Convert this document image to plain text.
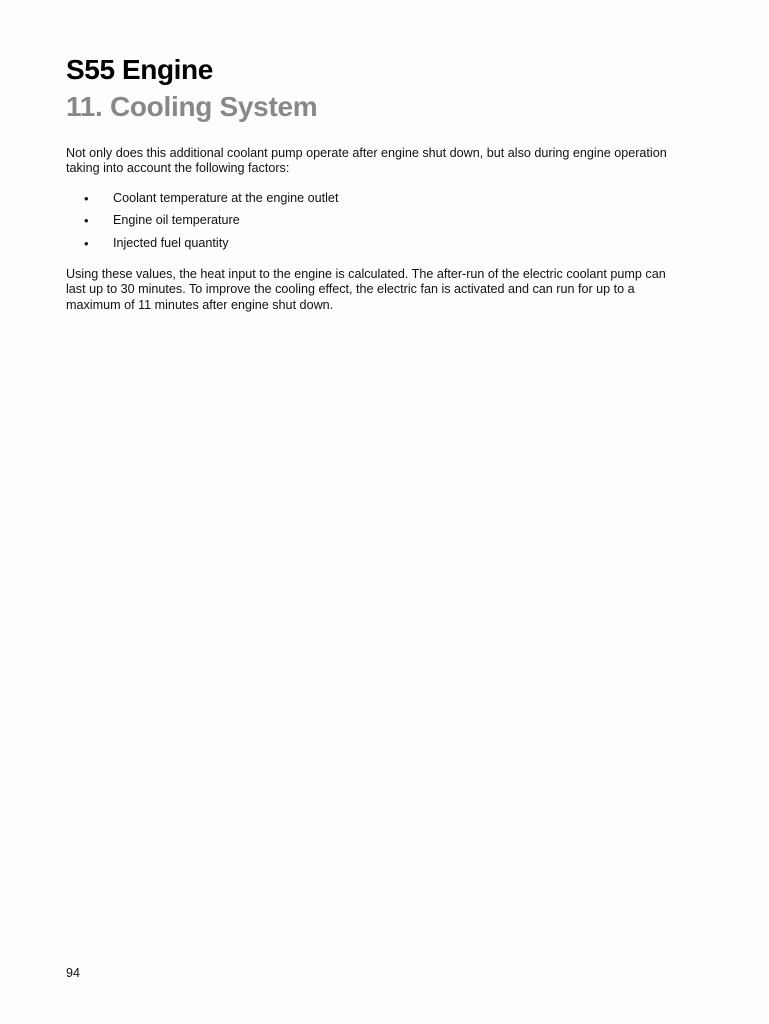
S55 Engine
11. Cooling System

Not only does this additional coolant pump operate after engine shut down, but also during engine operation taking into account the following factors:

• Coolant temperature at the engine outlet
• Engine oil temperature
• Injected fuel quantity

Using these values, the heat input to the engine is calculated. The after-run of the electric coolant pump can last up to 30 minutes. To improve the cooling effect, the electric fan is activated and can run for up to a maximum of 11 minutes after engine shut down.

94
